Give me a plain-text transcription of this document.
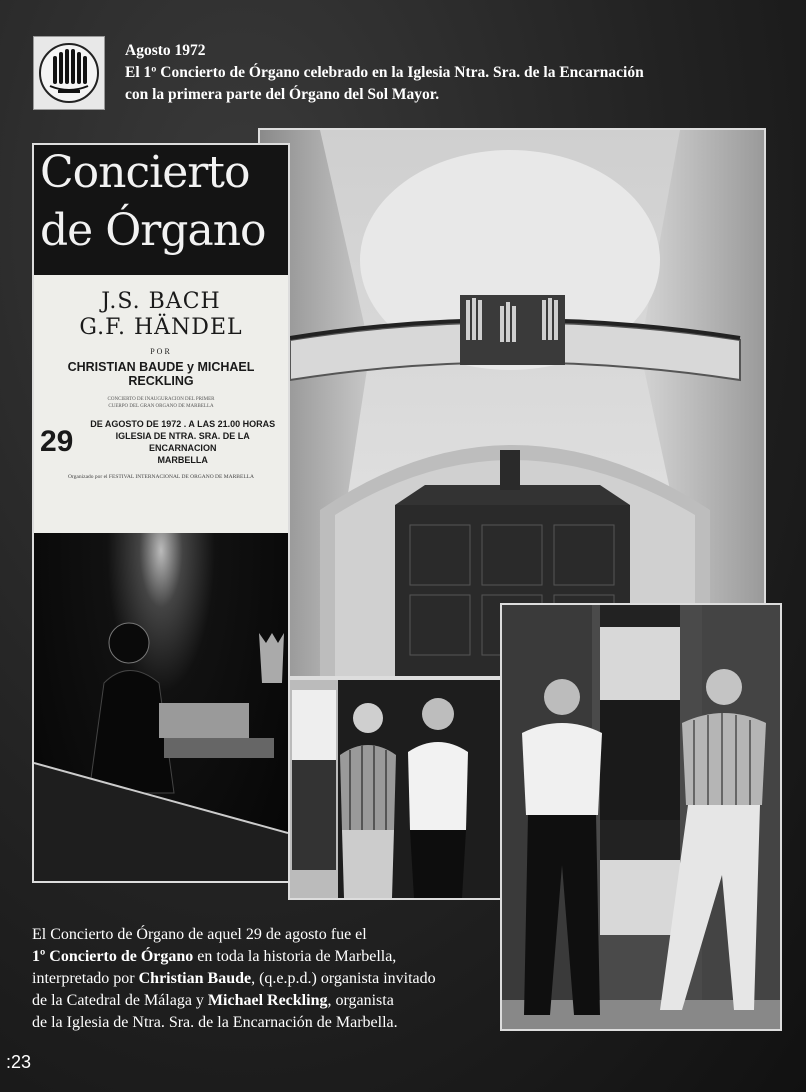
Agosto 1972
El 1º Concierto de Órgano celebrado en la Iglesia Ntra. Sra. de la Encarnación
con la primera parte del Órgano del Sol Mayor.
Concierto
de Órgano
J.S. BACH
G.F. HÄNDEL
POR
CHRISTIAN BAUDE y MICHAEL RECKLING
CONCIERTO DE INAUGURACION DEL PRIMER
CUERPO DEL GRAN ORGANO DE MARBELLA
29
DE AGOSTO DE 1972 . A LAS 21.00 HORAS
IGLESIA DE NTRA. SRA. DE LA ENCARNACION
MARBELLA
Organizado por el FESTIVAL INTERNACIONAL DE ORGANO DE MARBELLA
El Concierto de Órgano de aquel 29 de agosto fue el
1º Concierto de Órgano en toda la historia de Marbella,
interpretado por Christian Baude, (q.e.p.d.) organista invitado
de la Catedral de Málaga y Michael Reckling, organista
de la Iglesia de Ntra. Sra. de la Encarnación de Marbella.
:23
